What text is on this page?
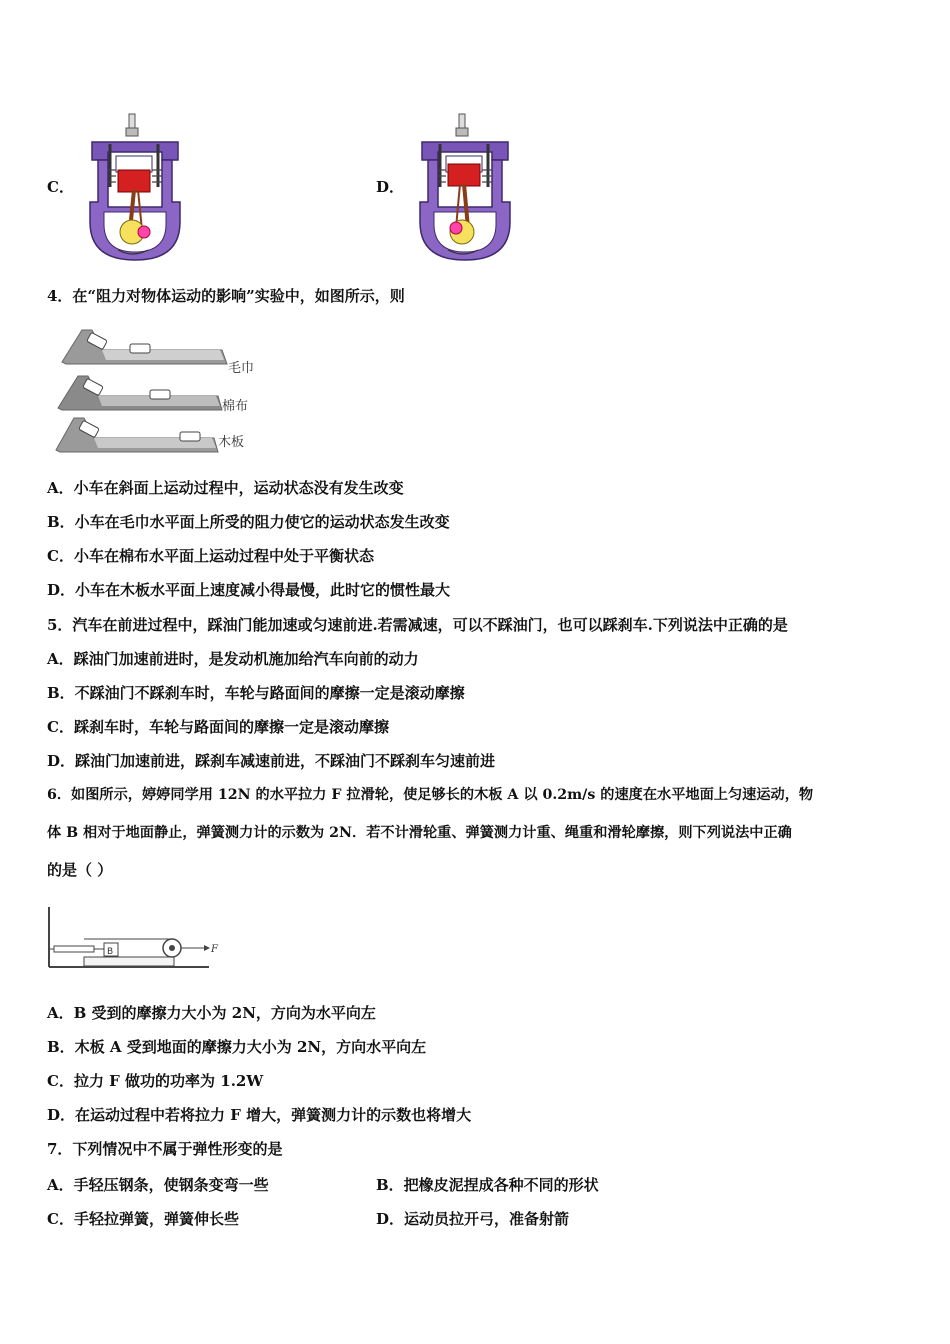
C．	D．
4．在“阻力对物体运动的影响”实验中，如图所示，则
毛巾
棉布
木板
A．小车在斜面上运动过程中，运动状态没有发生改变
B．小车在毛巾水平面上所受的阻力使它的运动状态发生改变
C．小车在棉布水平面上运动过程中处于平衡状态
D．小车在木板水平面上速度减小得最慢，此时它的惯性最大
5．汽车在前进过程中，踩油门能加速或匀速前进.若需减速，可以不踩油门，也可以踩刹车.下列说法中正确的是
A．踩油门加速前进时，是发动机施加给汽车向前的动力
B．不踩油门不踩刹车时，车轮与路面间的摩擦一定是滚动摩擦
C．踩刹车时，车轮与路面间的摩擦一定是滚动摩擦
D．踩油门加速前进，踩刹车减速前进，不踩油门不踩刹车匀速前进
6．如图所示，婷婷同学用 12N 的水平拉力 F 拉滑轮，使足够长的木板 A 以 0.2m/s 的速度在水平地面上匀速运动，物
体 B 相对于地面静止，弹簧测力计的示数为 2N．若不计滑轮重、弹簧测力计重、绳重和滑轮摩擦，则下列说法中正确
的是（ ）
B	F
A．B 受到的摩擦力大小为 2N，方向为水平向左
B．木板 A 受到地面的摩擦力大小为 2N，方向水平向左
C．拉力 F 做功的功率为 1.2W
D．在运动过程中若将拉力 F 增大，弹簧测力计的示数也将增大
7．下列情况中不属于弹性形变的是
A．手轻压钢条，使钢条变弯一些	B．把橡皮泥捏成各种不同的形状
C．手轻拉弹簧，弹簧伸长些	D．运动员拉开弓，准备射箭
